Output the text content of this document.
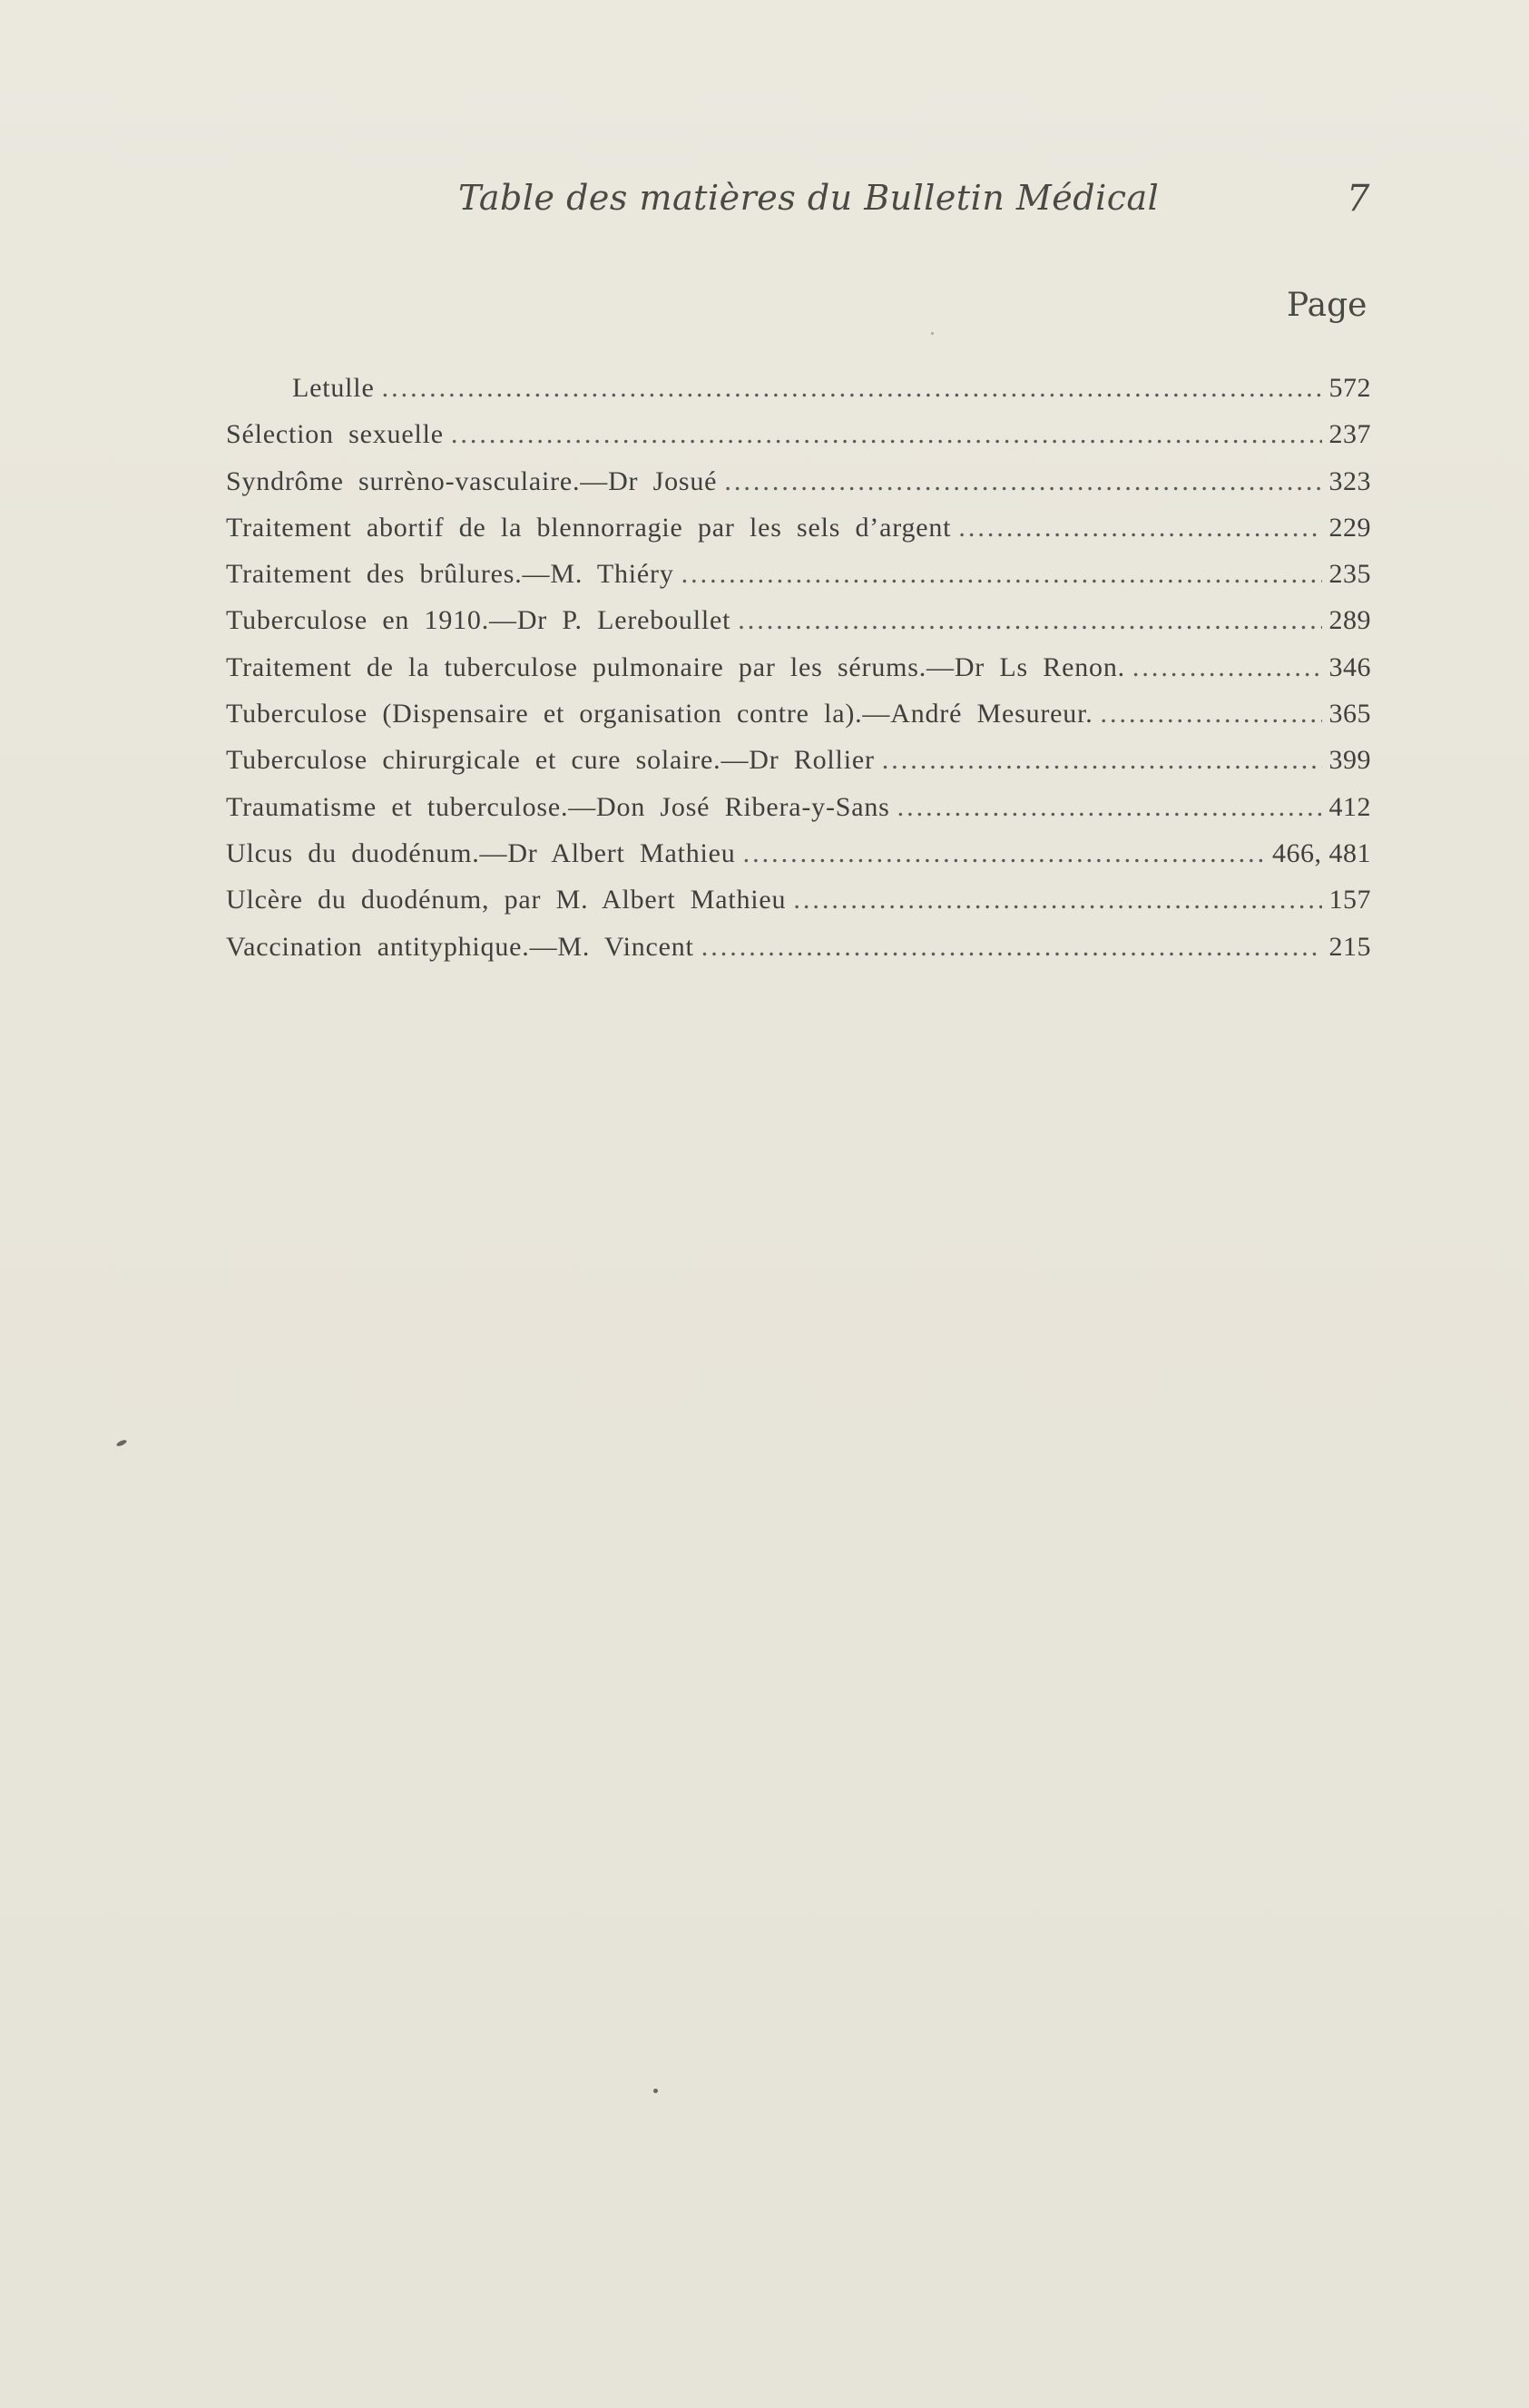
Table des matières du Bulletin Médical	7
Page
Letulle .....	572
Sélection sexuelle .....	237
Syndrôme surrèno-vasculaire.—Dr Josué .....	323
Traitement abortif de la blennorragie par les sels d’argent .....	229
Traitement des brûlures.—M. Thiéry .....	235
Tuberculose en 1910.—Dr P. Lereboullet .....	289
Traitement de la tuberculose pulmonaire par les sérums.—Dr Ls Renon. .....	346
Tuberculose (Dispensaire et organisation contre la).—André Mesureur. .....	365
Tuberculose chirurgicale et cure solaire.—Dr Rollier .....	399
Traumatisme et tuberculose.—Don José Ribera-y-Sans .....	412
Ulcus du duodénum.—Dr Albert Mathieu .....	466, 481
Ulcère du duodénum, par M. Albert Mathieu .....	157
Vaccination antityphique.—M. Vincent .....	215
